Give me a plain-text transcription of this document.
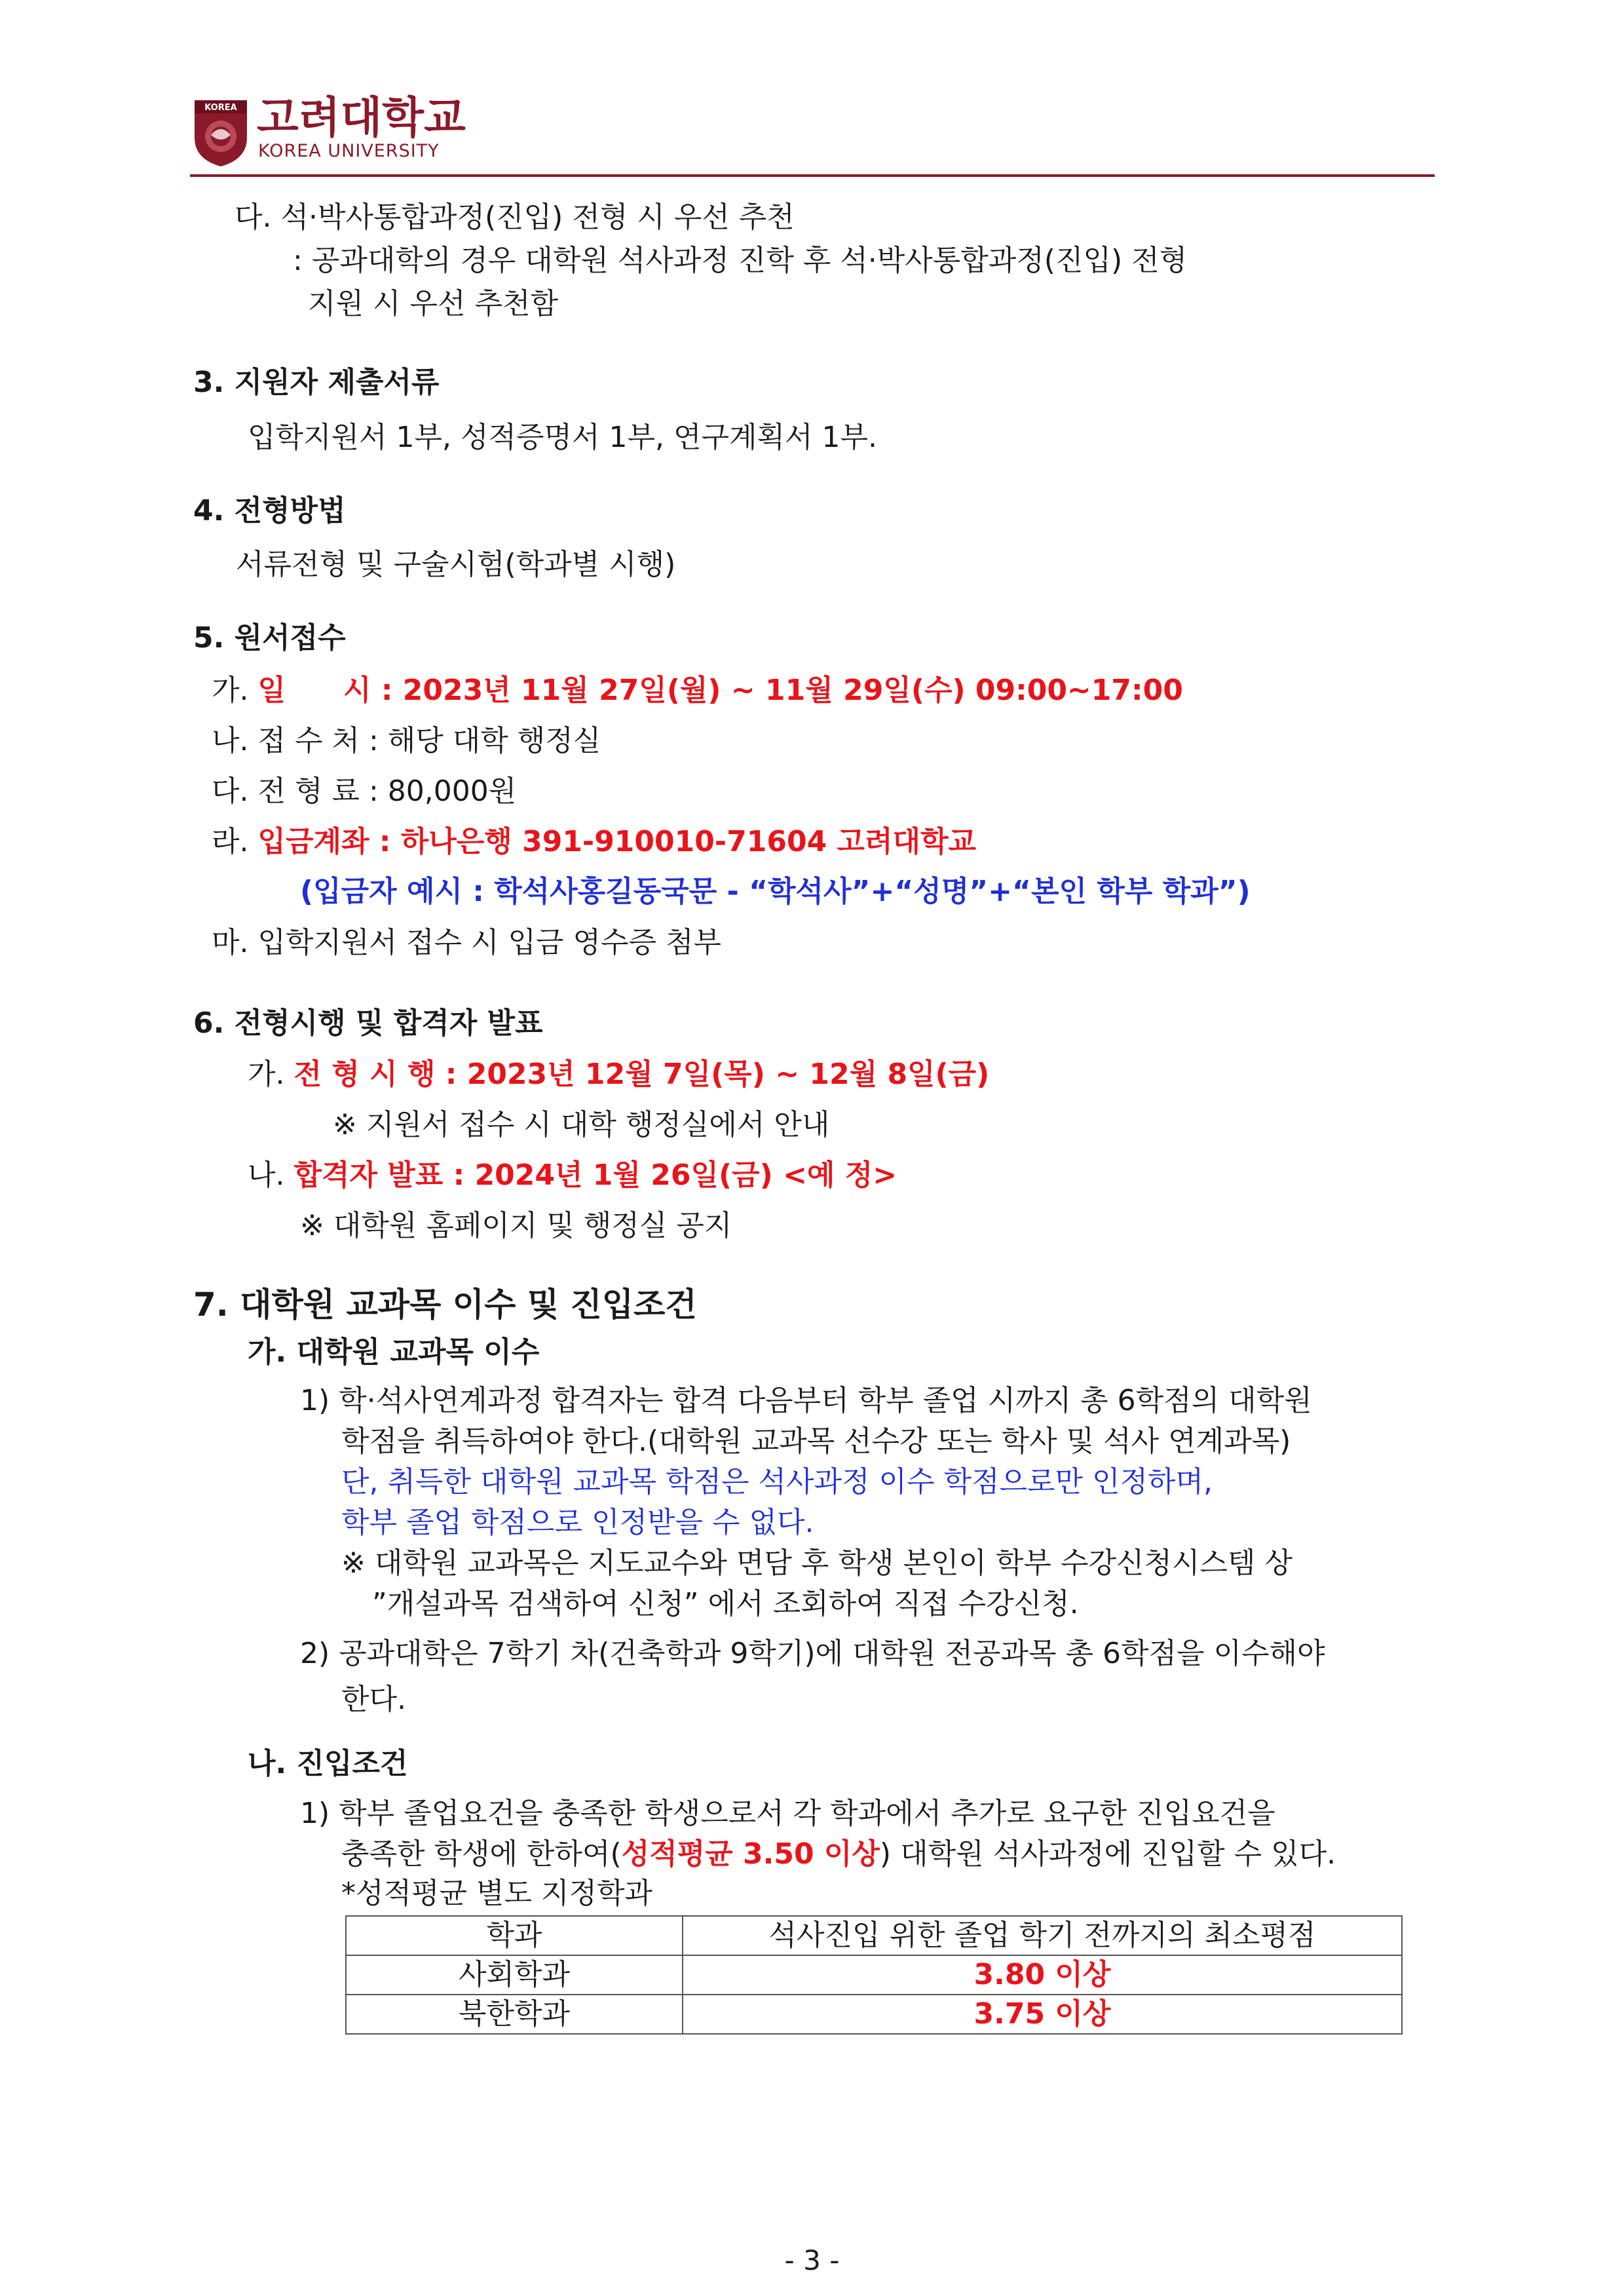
KOREA 고려대학교
KOREA UNIVERSITY
다. 석·박사통합과정(진입) 전형 시 우선 추천
: 공과대학의 경우 대학원 석사과정 진학 후 석·박사통합과정(진입) 전형
지원 시 우선 추천함
3. 지원자 제출서류
입학지원서 1부, 성적증명서 1부, 연구계획서 1부.
4. 전형방법
서류전형 및 구술시험(학과별 시행)
5. 원서접수
가. 일　　시 : 2023년 11월 27일(월) ~ 11월 29일(수) 09:00~17:00
나. 접 수 처 : 해당 대학 행정실
다. 전 형 료 : 80,000원
라. 입금계좌 : 하나은행 391-910010-71604 고려대학교
(입금자 예시 : 학석사홍길동국문 - “학석사”+“성명”+“본인 학부 학과”)
마. 입학지원서 접수 시 입금 영수증 첨부
6. 전형시행 및 합격자 발표
가. 전 형 시 행 : 2023년 12월 7일(목) ~ 12월 8일(금)
※ 지원서 접수 시 대학 행정실에서 안내
나. 합격자 발표 : 2024년 1월 26일(금) <예 정>
※ 대학원 홈페이지 및 행정실 공지
7. 대학원 교과목 이수 및 진입조건
가. 대학원 교과목 이수
1) 학·석사연계과정 합격자는 합격 다음부터 학부 졸업 시까지 총 6학점의 대학원
학점을 취득하여야 한다.(대학원 교과목 선수강 또는 학사 및 석사 연계과목)
단, 취득한 대학원 교과목 학점은 석사과정 이수 학점으로만 인정하며,
학부 졸업 학점으로 인정받을 수 없다.
※ 대학원 교과목은 지도교수와 면담 후 학생 본인이 학부 수강신청시스템 상
”개설과목 검색하여 신청” 에서 조회하여 직접 수강신청.
2) 공과대학은 7학기 차(건축학과 9학기)에 대학원 전공과목 총 6학점을 이수해야
한다.
나. 진입조건
1) 학부 졸업요건을 충족한 학생으로서 각 학과에서 추가로 요구한 진입요건을
충족한 학생에 한하여(성적평균 3.50 이상) 대학원 석사과정에 진입할 수 있다.
*성적평균 별도 지정학과
학과	석사진입 위한 졸업 학기 전까지의 최소평점
사회학과	3.80 이상
북한학과	3.75 이상
- 3 -
